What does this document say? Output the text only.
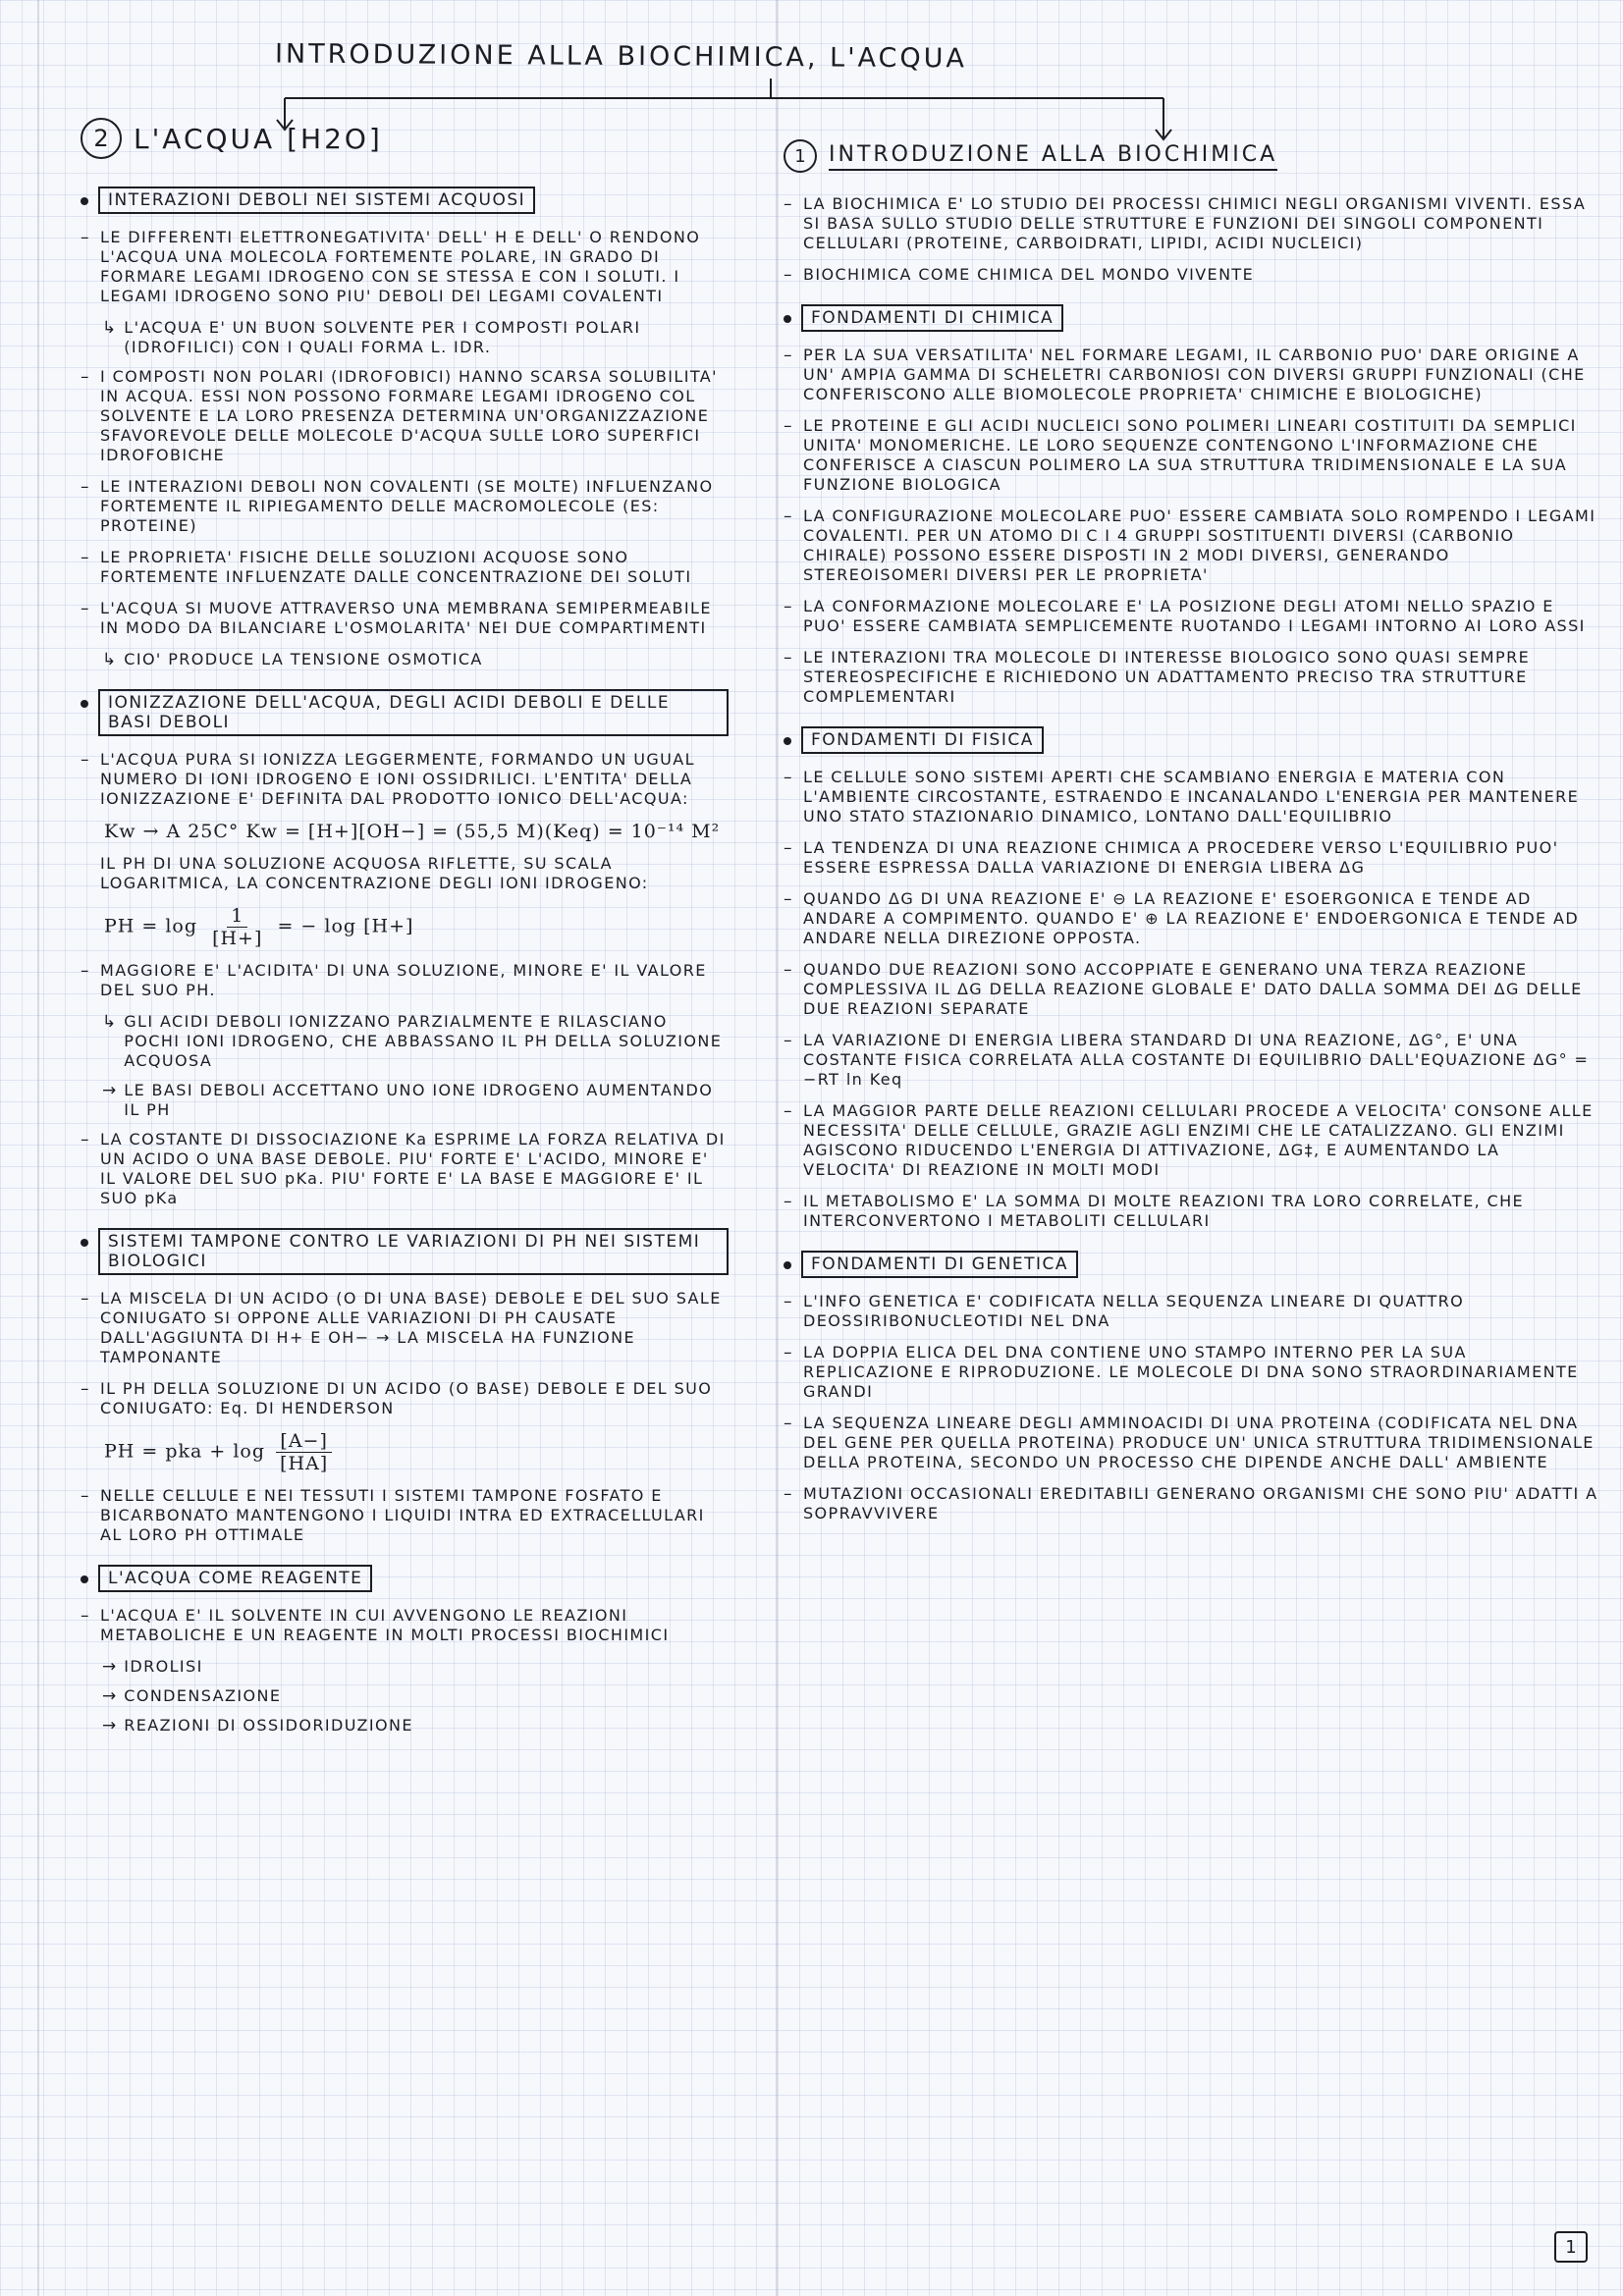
INTRODUZIONE ALLA BIOCHIMICA, L'ACQUA
2 L'ACQUA [H2O]
INTERAZIONI DEBOLI NEI SISTEMI ACQUOSI
– LE DIFFERENTI ELETTRONEGATIVITA' DELL' H E DELL' O RENDONO L'ACQUA UNA MOLECOLA FORTEMENTE POLARE, IN GRADO DI FORMARE LEGAMI IDROGENO CON SE STESSA E CON I SOLUTI. I LEGAMI IDROGENO SONO PIU' DEBOLI DEI LEGAMI COVALENTI
↳ L'ACQUA E' UN BUON SOLVENTE PER I COMPOSTI POLARI (IDROFILICI) CON I QUALI FORMA L. IDR.
– I COMPOSTI NON POLARI (IDROFOBICI) HANNO SCARSA SOLUBILITA' IN ACQUA. ESSI NON POSSONO FORMARE LEGAMI IDROGENO COL SOLVENTE E LA LORO PRESENZA DETERMINA UN'ORGANIZZAZIONE SFAVOREVOLE DELLE MOLECOLE D'ACQUA SULLE LORO SUPERFICI IDROFOBICHE
– LE INTERAZIONI DEBOLI NON COVALENTI (SE MOLTE) INFLUENZANO FORTEMENTE IL RIPIEGAMENTO DELLE MACROMOLECOLE (ES: PROTEINE)
– LE PROPRIETA' FISICHE DELLE SOLUZIONI ACQUOSE SONO FORTEMENTE INFLUENZATE DALLE CONCENTRAZIONE DEI SOLUTI
– L'ACQUA SI MUOVE ATTRAVERSO UNA MEMBRANA SEMIPERMEABILE IN MODO DA BILANCIARE L'OSMOLARITA' NEI DUE COMPARTIMENTI
↳ CIO' PRODUCE LA TENSIONE OSMOTICA
IONIZZAZIONE DELL'ACQUA, DEGLI ACIDI DEBOLI E DELLE BASI DEBOLI
– L'ACQUA PURA SI IONIZZA LEGGERMENTE, FORMANDO UN UGUAL NUMERO DI IONI IDROGENO E IONI OSSIDRILICI. L'ENTITA' DELLA IONIZZAZIONE E' DEFINITA DAL PRODOTTO IONICO DELL'ACQUA:
Kw → A 25C° Kw = [H+][OH−] = (55,5 M)(Keq) = 10⁻¹⁴ M²
IL PH DI UNA SOLUZIONE ACQUOSA RIFLETTE, SU SCALA LOGARITMICA, LA CONCENTRAZIONE DEGLI IONI IDROGENO:
PH = $\log \frac{1}{[H+]}$ = − log [H+]
– MAGGIORE E' L'ACIDITA' DI UNA SOLUZIONE, MINORE E' IL VALORE DEL SUO PH.
↳ GLI ACIDI DEBOLI IONIZZANO PARZIALMENTE E RILASCIANO POCHI IONI IDROGENO, CHE ABBASSANO IL PH DELLA SOLUZIONE ACQUOSA
→ LE BASI DEBOLI ACCETTANO UNO IONE IDROGENO AUMENTANDO IL PH
– LA COSTANTE DI DISSOCIAZIONE Ka ESPRIME LA FORZA RELATIVA DI UN ACIDO O UNA BASE DEBOLE. PIU' FORTE E' L'ACIDO, MINORE E' IL VALORE DEL SUO pKa. PIU' FORTE E' LA BASE E MAGGIORE E' IL SUO pKa
SISTEMI TAMPONE CONTRO LE VARIAZIONI DI PH NEI SISTEMI BIOLOGICI
– LA MISCELA DI UN ACIDO (O DI UNA BASE) DEBOLE E DEL SUO SALE CONIUGATO SI OPPONE ALLE VARIAZIONI DI PH CAUSATE DALL'AGGIUNTA DI H+ E OH− → LA MISCELA HA FUNZIONE TAMPONANTE
– IL PH DELLA SOLUZIONE DI UN ACIDO (O BASE) DEBOLE E DEL SUO CONIUGATO: Eq. DI HENDERSON
PH = pka + $\log \frac{[A-]}{[HA]}$
– NELLE CELLULE E NEI TESSUTI I SISTEMI TAMPONE FOSFATO E BICARBONATO MANTENGONO I LIQUIDI INTRA ED EXTRACELLULARI AL LORO PH OTTIMALE
L'ACQUA COME REAGENTE
– L'ACQUA E' IL SOLVENTE IN CUI AVVENGONO LE REAZIONI METABOLICHE E UN REAGENTE IN MOLTI PROCESSI BIOCHIMICI
→ IDROLISI
→ CONDENSAZIONE
→ REAZIONI DI OSSIDORIDUZIONE
1	INTRODUZIONE ALLA BIOCHIMICA
– LA BIOCHIMICA E' LO STUDIO DEI PROCESSI CHIMICI NEGLI ORGANISMI VIVENTI. ESSA SI BASA SULLO STUDIO DELLE STRUTTURE E FUNZIONI DEI SINGOLI COMPONENTI CELLULARI (PROTEINE, CARBOIDRATI, LIPIDI, ACIDI NUCLEICI)
– BIOCHIMICA COME CHIMICA DEL MONDO VIVENTE
FONDAMENTI DI CHIMICA
– PER LA SUA VERSATILITA' NEL FORMARE LEGAMI, IL CARBONIO PUO' DARE ORIGINE A UN' AMPIA GAMMA DI SCHELETRI CARBONIOSI CON DIVERSI GRUPPI FUNZIONALI (CHE CONFERISCONO ALLE BIOMOLECOLE PROPRIETA' CHIMICHE E BIOLOGICHE)
– LE PROTEINE E GLI ACIDI NUCLEICI SONO POLIMERI LINEARI COSTITUITI DA SEMPLICI UNITA' MONOMERICHE. LE LORO SEQUENZE CONTENGONO L'INFORMAZIONE CHE CONFERISCE A CIASCUN POLIMERO LA SUA STRUTTURA TRIDIMENSIONALE E LA SUA FUNZIONE BIOLOGICA
– LA CONFIGURAZIONE MOLECOLARE PUO' ESSERE CAMBIATA SOLO ROMPENDO I LEGAMI COVALENTI. PER UN ATOMO DI C I 4 GRUPPI SOSTITUENTI DIVERSI (CARBONIO CHIRALE) POSSONO ESSERE DISPOSTI IN 2 MODI DIVERSI, GENERANDO STEREOISOMERI DIVERSI PER LE PROPRIETA'
– LA CONFORMAZIONE MOLECOLARE E' LA POSIZIONE DEGLI ATOMI NELLO SPAZIO E PUO' ESSERE CAMBIATA SEMPLICEMENTE RUOTANDO I LEGAMI INTORNO AI LORO ASSI
– LE INTERAZIONI TRA MOLECOLE DI INTERESSE BIOLOGICO SONO QUASI SEMPRE STEREOSPECIFICHE E RICHIEDONO UN ADATTAMENTO PRECISO TRA STRUTTURE COMPLEMENTARI
FONDAMENTI DI FISICA
– LE CELLULE SONO SISTEMI APERTI CHE SCAMBIANO ENERGIA E MATERIA CON L'AMBIENTE CIRCOSTANTE, ESTRAENDO E INCANALANDO L'ENERGIA PER MANTENERE UNO STATO STAZIONARIO DINAMICO, LONTANO DALL'EQUILIBRIO
– LA TENDENZA DI UNA REAZIONE CHIMICA A PROCEDERE VERSO L'EQUILIBRIO PUO' ESSERE ESPRESSA DALLA VARIAZIONE DI ENERGIA LIBERA ΔG
– QUANDO ΔG DI UNA REAZIONE E' ⊖ LA REAZIONE E' ESOERGONICA E TENDE AD ANDARE A COMPIMENTO. QUANDO E' ⊕ LA REAZIONE E' ENDOERGONICA E TENDE AD ANDARE NELLA DIREZIONE OPPOSTA.
– QUANDO DUE REAZIONI SONO ACCOPPIATE E GENERANO UNA TERZA REAZIONE COMPLESSIVA IL ΔG DELLA REAZIONE GLOBALE E' DATO DALLA SOMMA DEI ΔG DELLE DUE REAZIONI SEPARATE
– LA VARIAZIONE DI ENERGIA LIBERA STANDARD DI UNA REAZIONE, ΔG°, E' UNA COSTANTE FISICA CORRELATA ALLA COSTANTE DI EQUILIBRIO DALL'EQUAZIONE ΔG° = −RT ln Keq
– LA MAGGIOR PARTE DELLE REAZIONI CELLULARI PROCEDE A VELOCITA' CONSONE ALLE NECESSITA' DELLE CELLULE, GRAZIE AGLI ENZIMI CHE LE CATALIZZANO. GLI ENZIMI AGISCONO RIDUCENDO L'ENERGIA DI ATTIVAZIONE, ΔG‡, E AUMENTANDO LA VELOCITA' DI REAZIONE IN MOLTI MODI
– IL METABOLISMO E' LA SOMMA DI MOLTE REAZIONI TRA LORO CORRELATE, CHE INTERCONVERTONO I METABOLITI CELLULARI
FONDAMENTI DI GENETICA
– L'INFO GENETICA E' CODIFICATA NELLA SEQUENZA LINEARE DI QUATTRO DEOSSIRIBONUCLEOTIDI NEL DNA
– LA DOPPIA ELICA DEL DNA CONTIENE UNO STAMPO INTERNO PER LA SUA REPLICAZIONE E RIPRODUZIONE. LE MOLECOLE DI DNA SONO STRAORDINARIAMENTE GRANDI
– LA SEQUENZA LINEARE DEGLI AMMINOACIDI DI UNA PROTEINA (CODIFICATA NEL DNA DEL GENE PER QUELLA PROTEINA) PRODUCE UN' UNICA STRUTTURA TRIDIMENSIONALE DELLA PROTEINA, SECONDO UN PROCESSO CHE DIPENDE ANCHE DALL' AMBIENTE
– MUTAZIONI OCCASIONALI EREDITABILI GENERANO ORGANISMI CHE SONO PIU' ADATTI A SOPRAVVIVERE
1
